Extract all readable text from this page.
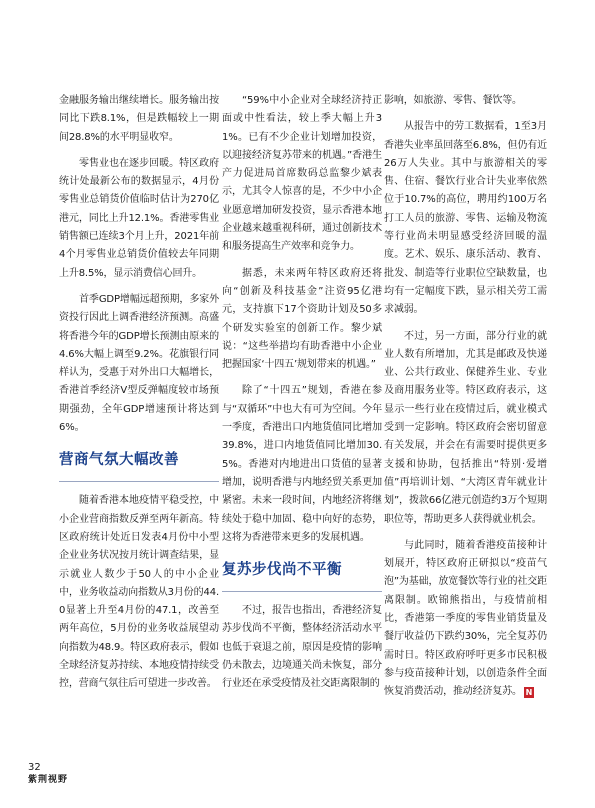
金融服务输出继续增长。服务输出按同比下跌8.1%，但是跌幅较上一期间28.8%的水平明显收窄。

零售业也在逐步回暖。特区政府统计处最新公布的数据显示，4月份零售业总销货价值临时估计为270亿港元，同比上升12.1%。香港零售业销售额已连续3个月上升，2021年前4个月零售业总销货价值较去年同期上升8.5%，显示消费信心回升。

首季GDP增幅远超预期，多家外资投行因此上调香港经济预测。高盛将香港今年的GDP增长预测由原来的4.6%大幅上调至9.2%。花旗银行同样认为，受惠于对外出口大幅增长，香港首季经济V型反弹幅度较市场预期强劲，全年GDP增速预计将达到6%。

营商气氛大幅改善

随着香港本地疫情平稳受控，中小企业营商指数反弹至两年新高。特区政府统计处近日发表4月份中小型企业业务状况按月统计调查结果，显示就业人数少于50人的中小企业中，业务收益动向指数从3月份的44.0显著上升至4月份的47.1，改善至两年高位，5月份的业务收益展望动向指数为48.9。特区政府表示，假如全球经济复苏持续、本地疫情持续受控，营商气氛往后可望进一步改善。

“59%中小企业对全球经济持正面或中性看法，较上季大幅上升31%。已有不少企业计划增加投资，以迎接经济复苏带来的机遇。”香港生产力促进局首席数码总监黎少斌表示，尤其令人惊喜的是，不少中小企业愿意增加研发投资，显示香港本地企业越来越重视科研，通过创新技术和服务提高生产效率和竞争力。

据悉，未来两年特区政府还将向“创新及科技基金”注资95亿港元，支持旗下17个资助计划及50多个研发实验室的创新工作。黎少斌说：“这些举措均有助香港中小企业把握国家‘十四五’规划带来的机遇。”

除了“十四五”规划，香港在参与“双循环”中也大有可为空间。今年一季度，香港出口内地货值同比增加39.8%，进口内地货值同比增加30.5%。香港对内地进出口货值的显著增加，说明香港与内地经贸关系更加紧密。未来一段时间，内地经济将继续处于稳中加固、稳中向好的态势，这将为香港带来更多的发展机遇。

复苏步伐尚不平衡

不过，报告也指出，香港经济复苏步伐尚不平衡，整体经济活动水平也低于衰退之前，原因是疫情的影响仍未散去，边境通关尚未恢复，部分行业还在承受疫情及社交距离限制的

影响，如旅游、零售、餐饮等。

从报告中的劳工数据看，1至3月香港失业率虽回落至6.8%，但仍有近26万人失业。其中与旅游相关的零售、住宿、餐饮行业合计失业率依然位于10.7%的高位，聘用约100万名打工人员的旅游、零售、运输及物流等行业尚未明显感受经济回暖的温度。艺术、娱乐、康乐活动、教育、批发、制造等行业职位空缺数量，也均有一定幅度下跌，显示相关劳工需求减弱。

不过，另一方面，部分行业的就业人数有所增加，尤其是邮政及快递业、公共行政业、保健养生业、专业及商用服务业等。特区政府表示，这显示一些行业在疫情过后，就业模式受到一定影响。特区政府会密切留意有关发展，并会在有需要时提供更多支援和协助，包括推出“特别·爱增值”再培训计划、“大湾区青年就业计划”，拨款66亿港元创造约3万个短期职位等，帮助更多人获得就业机会。

与此同时，随着香港疫苗接种计划展开，特区政府正研拟以“疫苗气泡”为基础，放宽餐饮等行业的社交距离限制。欧锦熊指出，与疫情前相比，香港第一季度的零售业销货量及餐厅收益仍下跌约30%，完全复苏仍需时日。特区政府呼吁更多市民积极参与疫苗接种计划，以创造条件全面恢复消费活动，推动经济复苏。 N

32
紫荆视野
